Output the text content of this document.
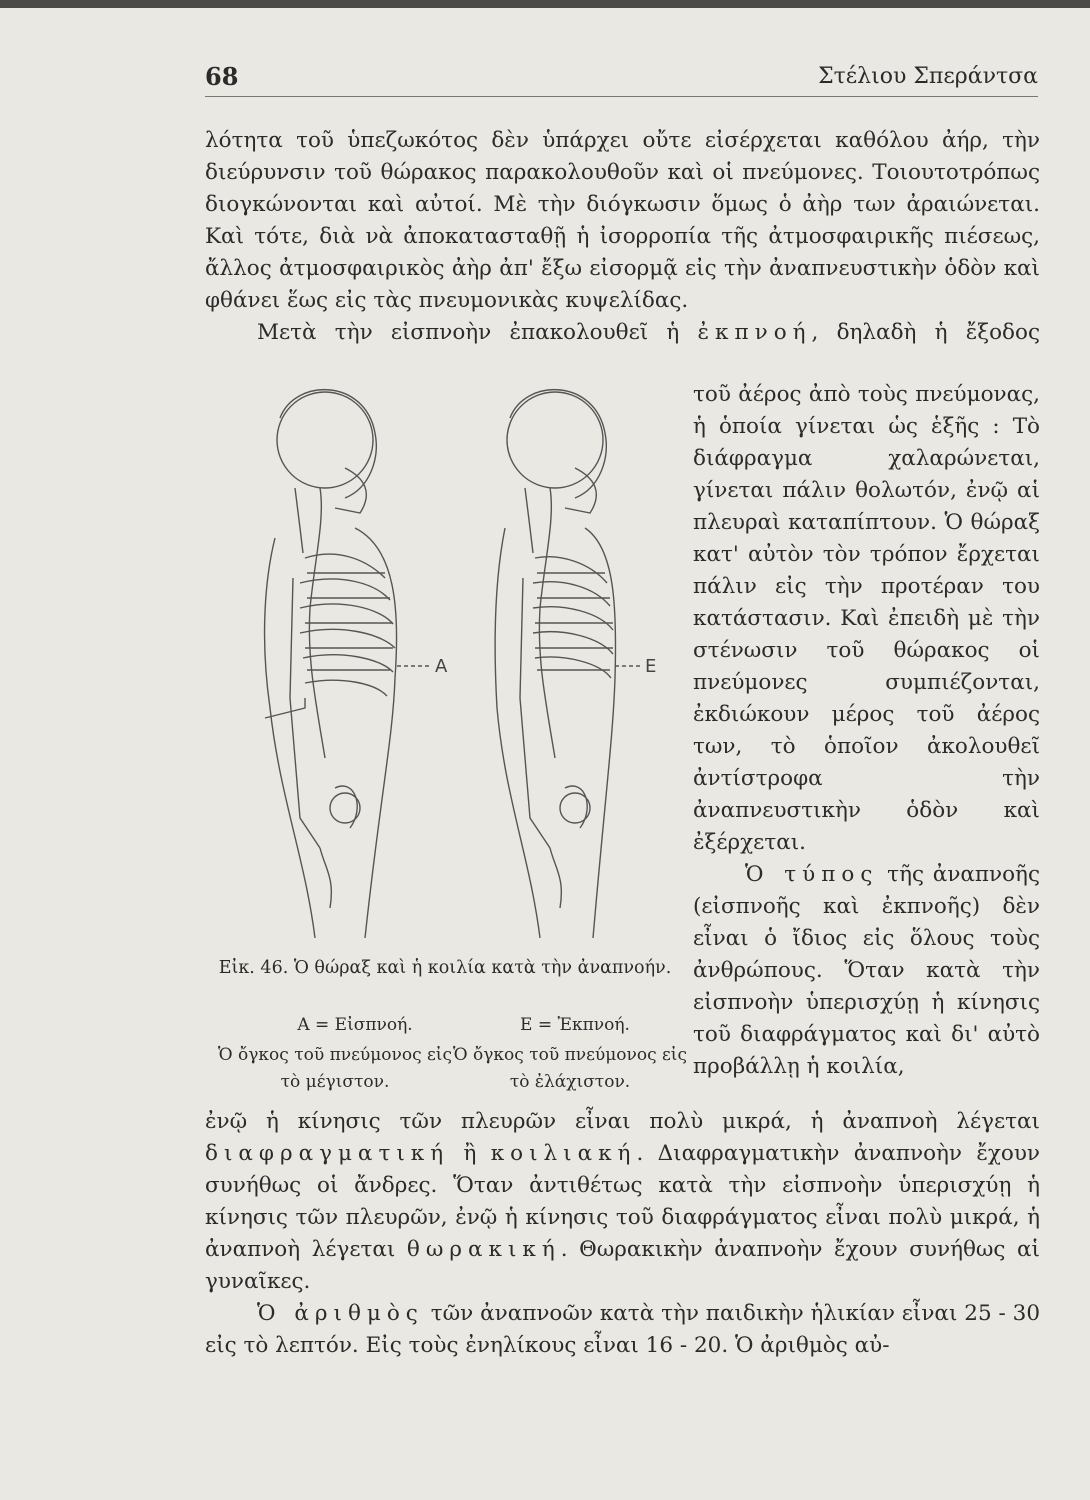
68	Στέλιου Σπεράντσα

λότητα τοῦ ὑπεζωκότος δὲν ὑπάρχει οὔτε εἰσέρχεται καθόλου ἀήρ, τὴν διεύρυνσιν τοῦ θώρακος παρακολουθοῦν καὶ οἱ πνεύμονες. Τοιουτοτρόπως διογκώνονται καὶ αὐτοί. Μὲ τὴν διόγκωσιν ὅμως ὁ ἀὴρ των ἀραιώνεται. Καὶ τότε, διὰ νὰ ἀποκατασταθῇ ἡ ἰσορροπία τῆς ἀτμοσφαιρικῆς πιέσεως, ἄλλος ἀτμοσφαιρικὸς ἀὴρ ἀπ' ἔξω εἰσορμᾷ εἰς τὴν ἀναπνευστικὴν ὁδὸν καὶ φθάνει ἕως εἰς τὰς πνευμονικὰς κυψελίδας.

Μετὰ τὴν εἰσπνοὴν ἐπακολουθεῖ ἡ ἐκπνοή, δηλαδὴ ἡ ἔξοδος

τοῦ ἀέρος ἀπὸ τοὺς πνεύμονας, ἡ ὁποία γίνεται ὡς ἑξῆς : Τὸ διάφραγμα χαλαρώνεται, γίνεται πάλιν θολωτόν, ἐνῷ αἱ πλευραὶ καταπίπτουν. Ὁ θώραξ κατ' αὐτὸν τὸν τρόπον ἔρχεται πάλιν εἰς τὴν προτέραν του κατάστασιν. Καὶ ἐπειδὴ μὲ τὴν στένωσιν τοῦ θώρακος οἱ πνεύμονες συμπιέζονται, ἐκδιώκουν μέρος τοῦ ἀέρος των, τὸ ὁποῖον ἀκολουθεῖ ἀντίστροφα τὴν ἀναπνευστικὴν ὁδὸν καὶ ἐξέρχεται.

Ὁ τύπος τῆς ἀναπνοῆς (εἰσπνοῆς καὶ ἐκπνοῆς) δὲν εἶναι ὁ ἴδιος εἰς ὅλους τοὺς ἀνθρώπους. Ὅταν κατὰ τὴν εἰσπνοὴν ὑπερισχύῃ ἡ κίνησις τοῦ διαφράγματος καὶ δι' αὐτὸ προβάλλῃ ἡ κοιλία,

A	E
Εἰκ. 46. Ὁ θώραξ καὶ ἡ κοιλία κατὰ τὴν ἀναπνοήν.
A = Εἰσπνοή.	E = Ἐκπνοή.
Ὁ ὄγκος τοῦ πνεύμονος εἰς τὸ μέγιστον.
Ὁ ὄγκος τοῦ πνεύμονος εἰς τὸ ἐλάχιστον.

ἐνῷ ἡ κίνησις τῶν πλευρῶν εἶναι πολὺ μικρά, ἡ ἀναπνοὴ λέγεται διαφραγματική ἢ κοιλιακή. Διαφραγματικὴν ἀναπνοὴν ἔχουν συνήθως οἱ ἄνδρες. Ὅταν ἀντιθέτως κατὰ τὴν εἰσπνοὴν ὑπερισχύῃ ἡ κίνησις τῶν πλευρῶν, ἐνῷ ἡ κίνησις τοῦ διαφράγματος εἶναι πολὺ μικρά, ἡ ἀναπνοὴ λέγεται θωρακική. Θωρακικὴν ἀναπνοὴν ἔχουν συνήθως αἱ γυναῖκες.

Ὁ ἀριθμὸς τῶν ἀναπνοῶν κατὰ τὴν παιδικὴν ἡλικίαν εἶναι 25 - 30 εἰς τὸ λεπτόν. Εἰς τοὺς ἐνηλίκους εἶναι 16 - 20. Ὁ ἀριθμὸς αὐ-
